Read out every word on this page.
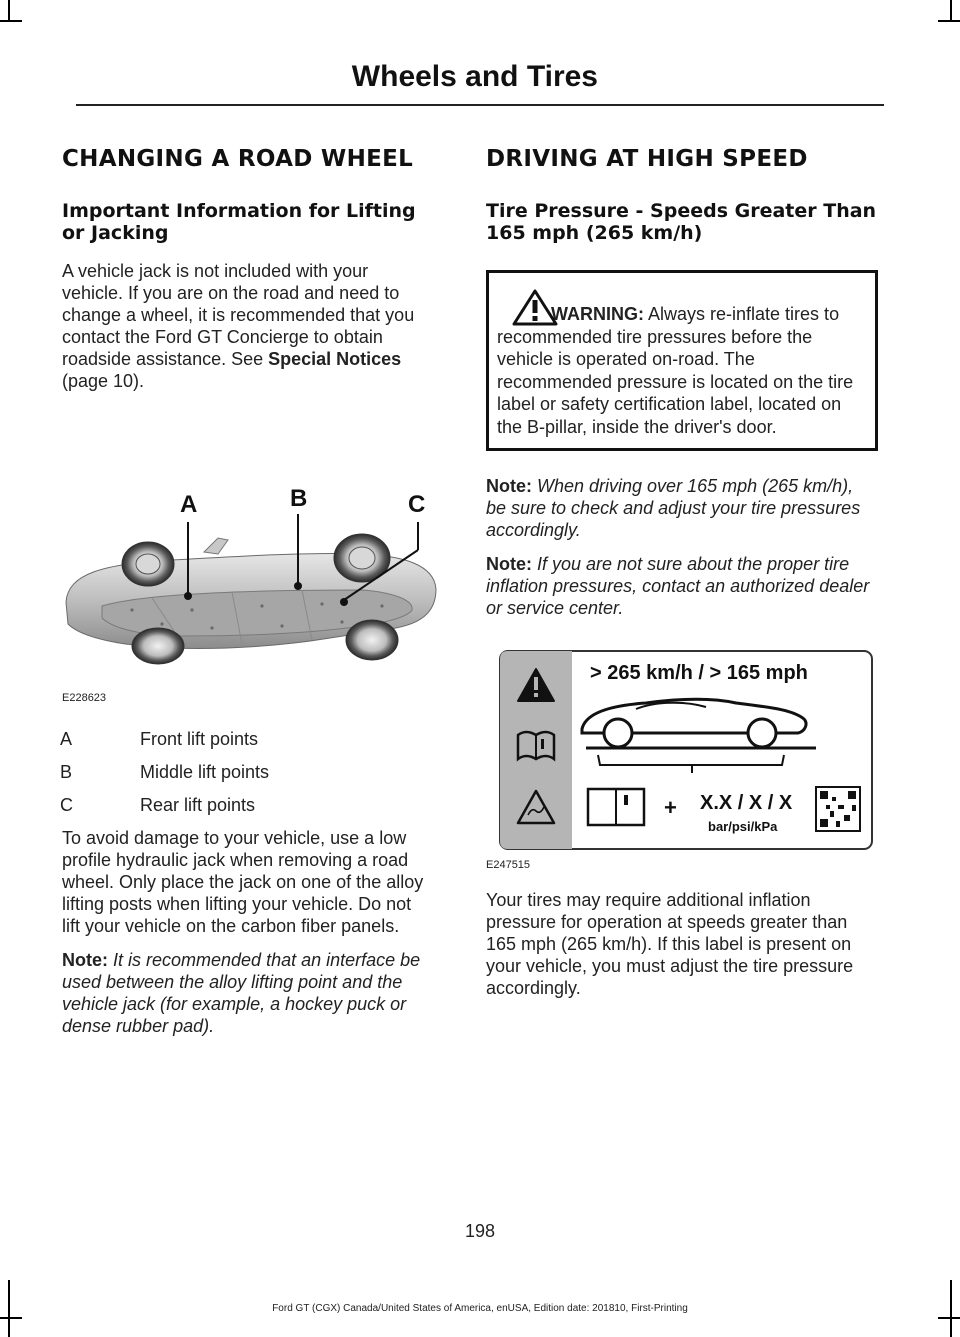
Wheels and Tires
CHANGING A ROAD WHEEL
Important Information for Lifting or Jacking

A vehicle jack is not included with your vehicle. If you are on the road and need to change a wheel, it is recommended that you contact the Ford GT Concierge to obtain roadside assistance. See Special Notices (page 10).

A	B	C
E228623
A	Front lift points
B	Middle lift points
C	Rear lift points

To avoid damage to your vehicle, use a low profile hydraulic jack when removing a road wheel. Only place the jack on one of the alloy lifting posts when lifting your vehicle. Do not lift your vehicle on the carbon fiber panels.

Note: It is recommended that an interface be used between the alloy lifting point and the vehicle jack (for example, a hockey puck or dense rubber pad).

DRIVING AT HIGH SPEED
Tire Pressure - Speeds Greater Than 165 mph (265 km/h)
WARNING: Always re-inflate tires to recommended tire pressures before the vehicle is operated on-road. The recommended pressure is located on the tire label or safety certification label, located on the B-pillar, inside the driver's door.

Note: When driving over 165 mph (265 km/h), be sure to check and adjust your tire pressures accordingly.

Note: If you are not sure about the proper tire inflation pressures, contact an authorized dealer or service center.

> 265 km/h / > 165 mph
+ X.X / X / X
bar/psi/kPa
E247515

Your tires may require additional inflation pressure for operation at speeds greater than 165 mph (265 km/h). If this label is present on your vehicle, you must adjust the tire pressure accordingly.

198
Ford GT (CGX) Canada/United States of America, enUSA, Edition date: 201810, First-Printing
